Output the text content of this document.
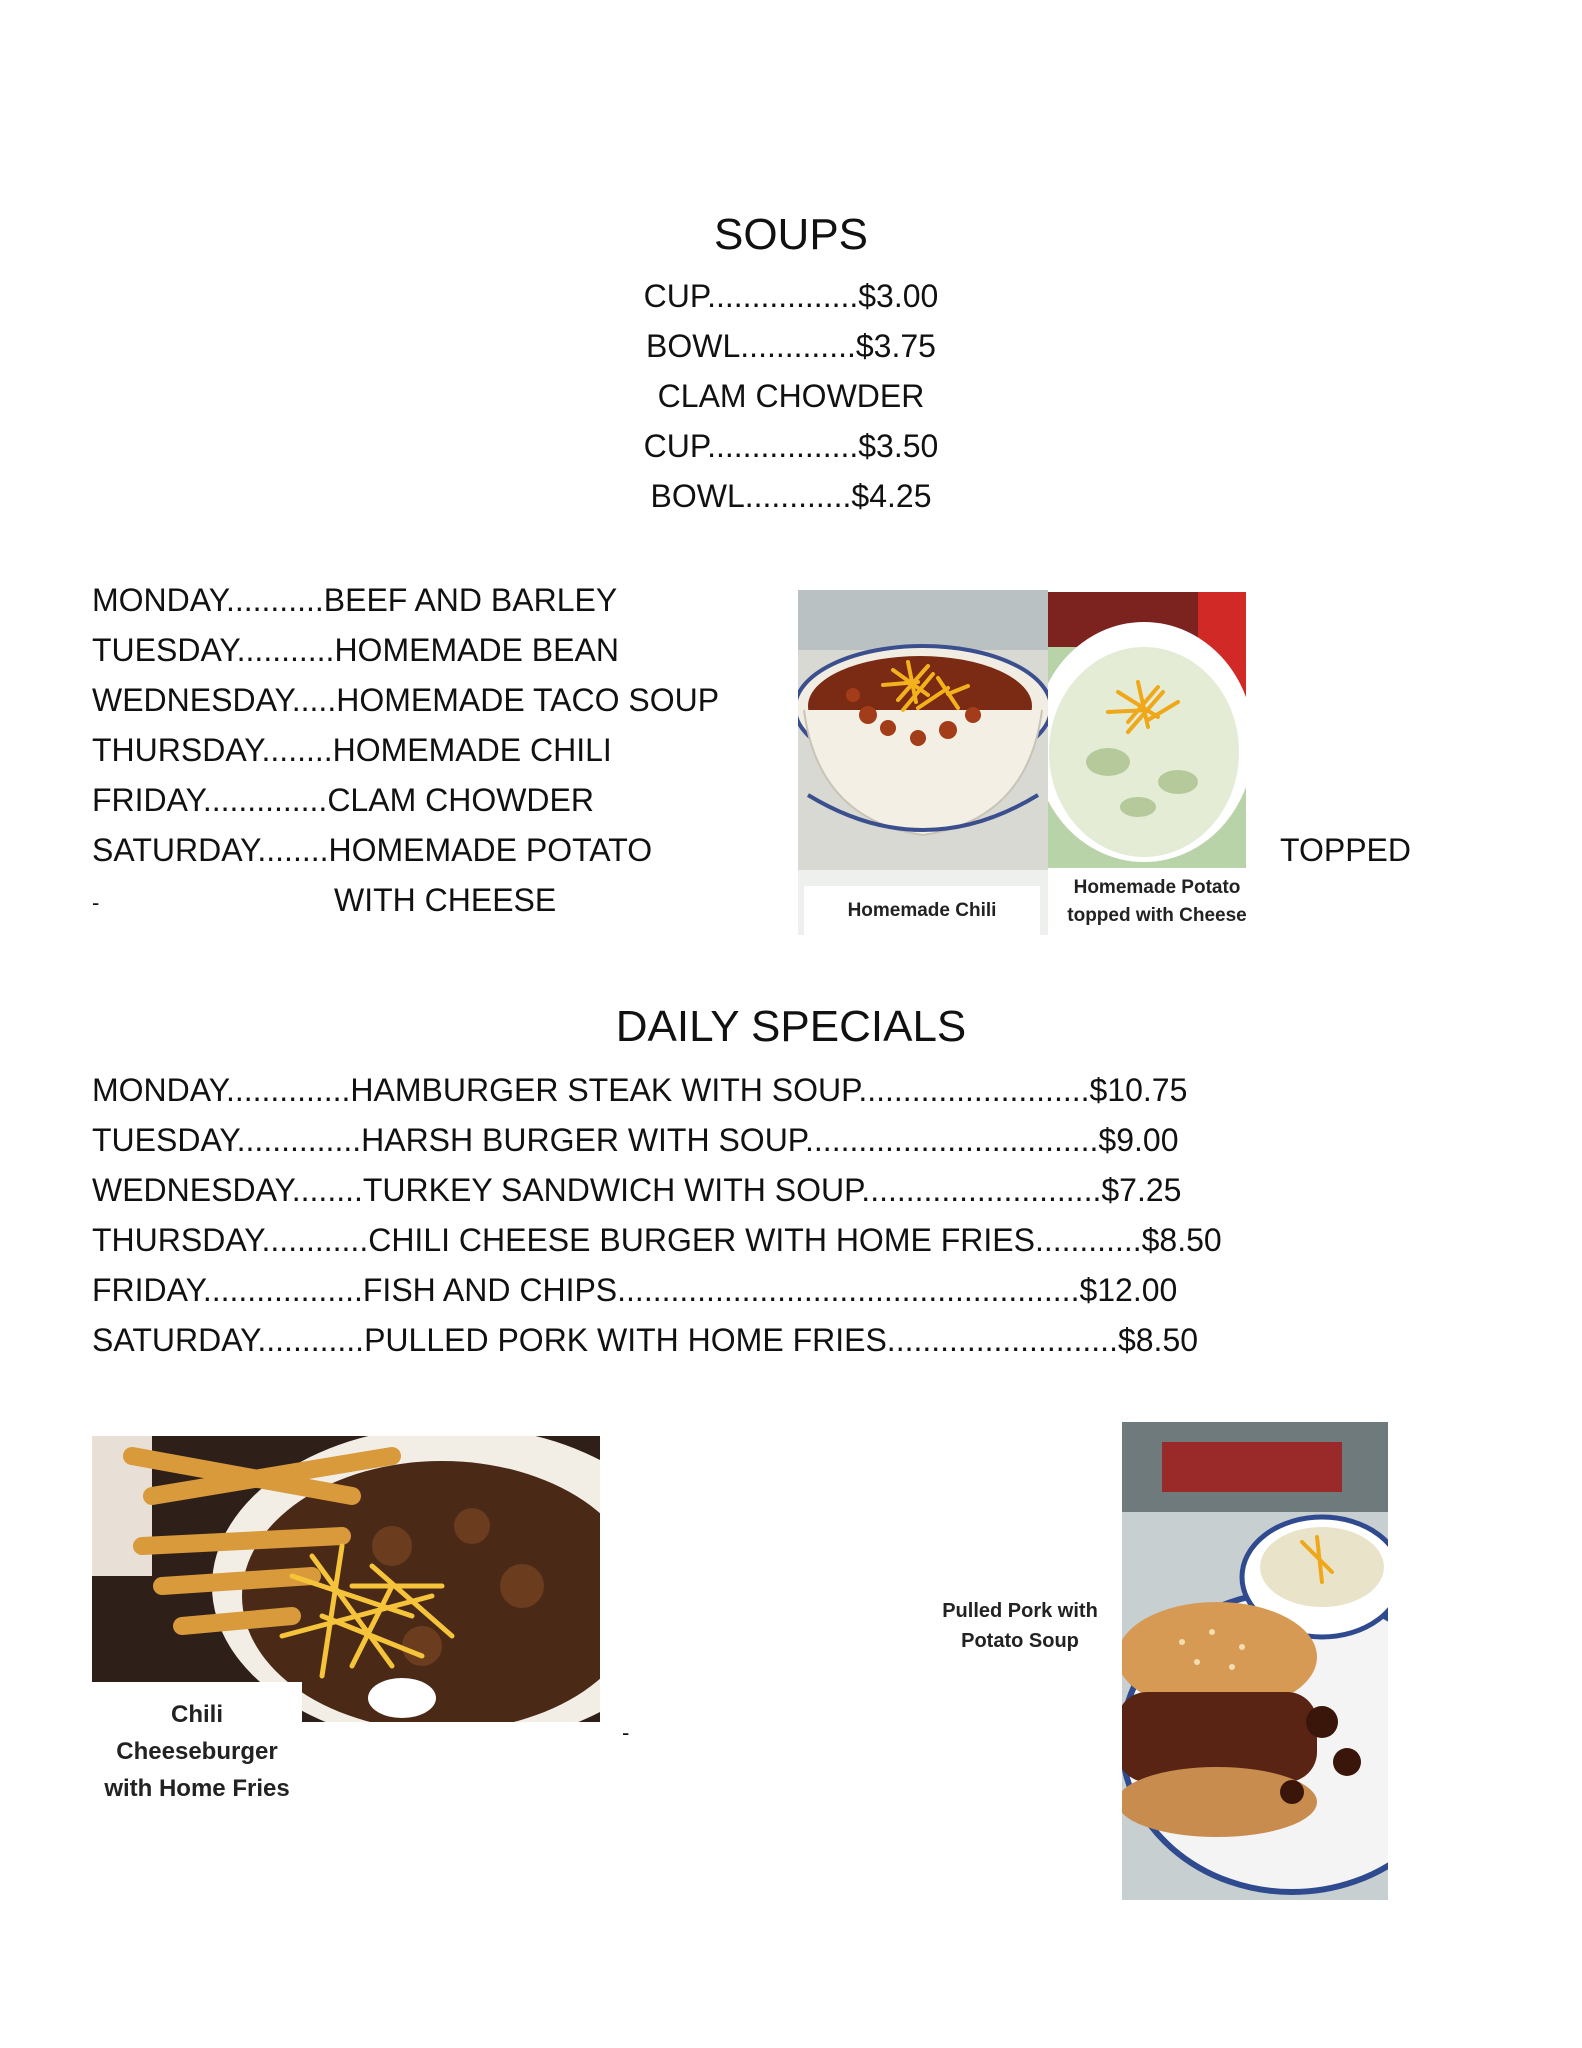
SOUPS
CUP.................$3.00
BOWL.............$3.75
CLAM CHOWDER
CUP.................$3.50
BOWL............$4.25
MONDAY...........BEEF AND BARLEY
TUESDAY...........HOMEMADE BEAN
WEDNESDAY.....HOMEMADE TACO SOUP
THURSDAY........HOMEMADE CHILI
FRIDAY..............CLAM CHOWDER
SATURDAY........HOMEMADE POTATO
-	WITH CHEESE
TOPPED
Homemade Chili
Homemade Potato topped with Cheese
DAILY SPECIALS
MONDAY..............HAMBURGER STEAK WITH SOUP..........................$10.75
TUESDAY..............HARSH BURGER WITH SOUP.................................$9.00
WEDNESDAY........TURKEY SANDWICH WITH SOUP...........................$7.25
THURSDAY............CHILI CHEESE BURGER WITH HOME FRIES............$8.50
FRIDAY..................FISH AND CHIPS....................................................$12.00
SATURDAY............PULLED PORK WITH HOME FRIES..........................$8.50
Chili Cheeseburger with Home Fries
-
Pulled Pork with Potato Soup
